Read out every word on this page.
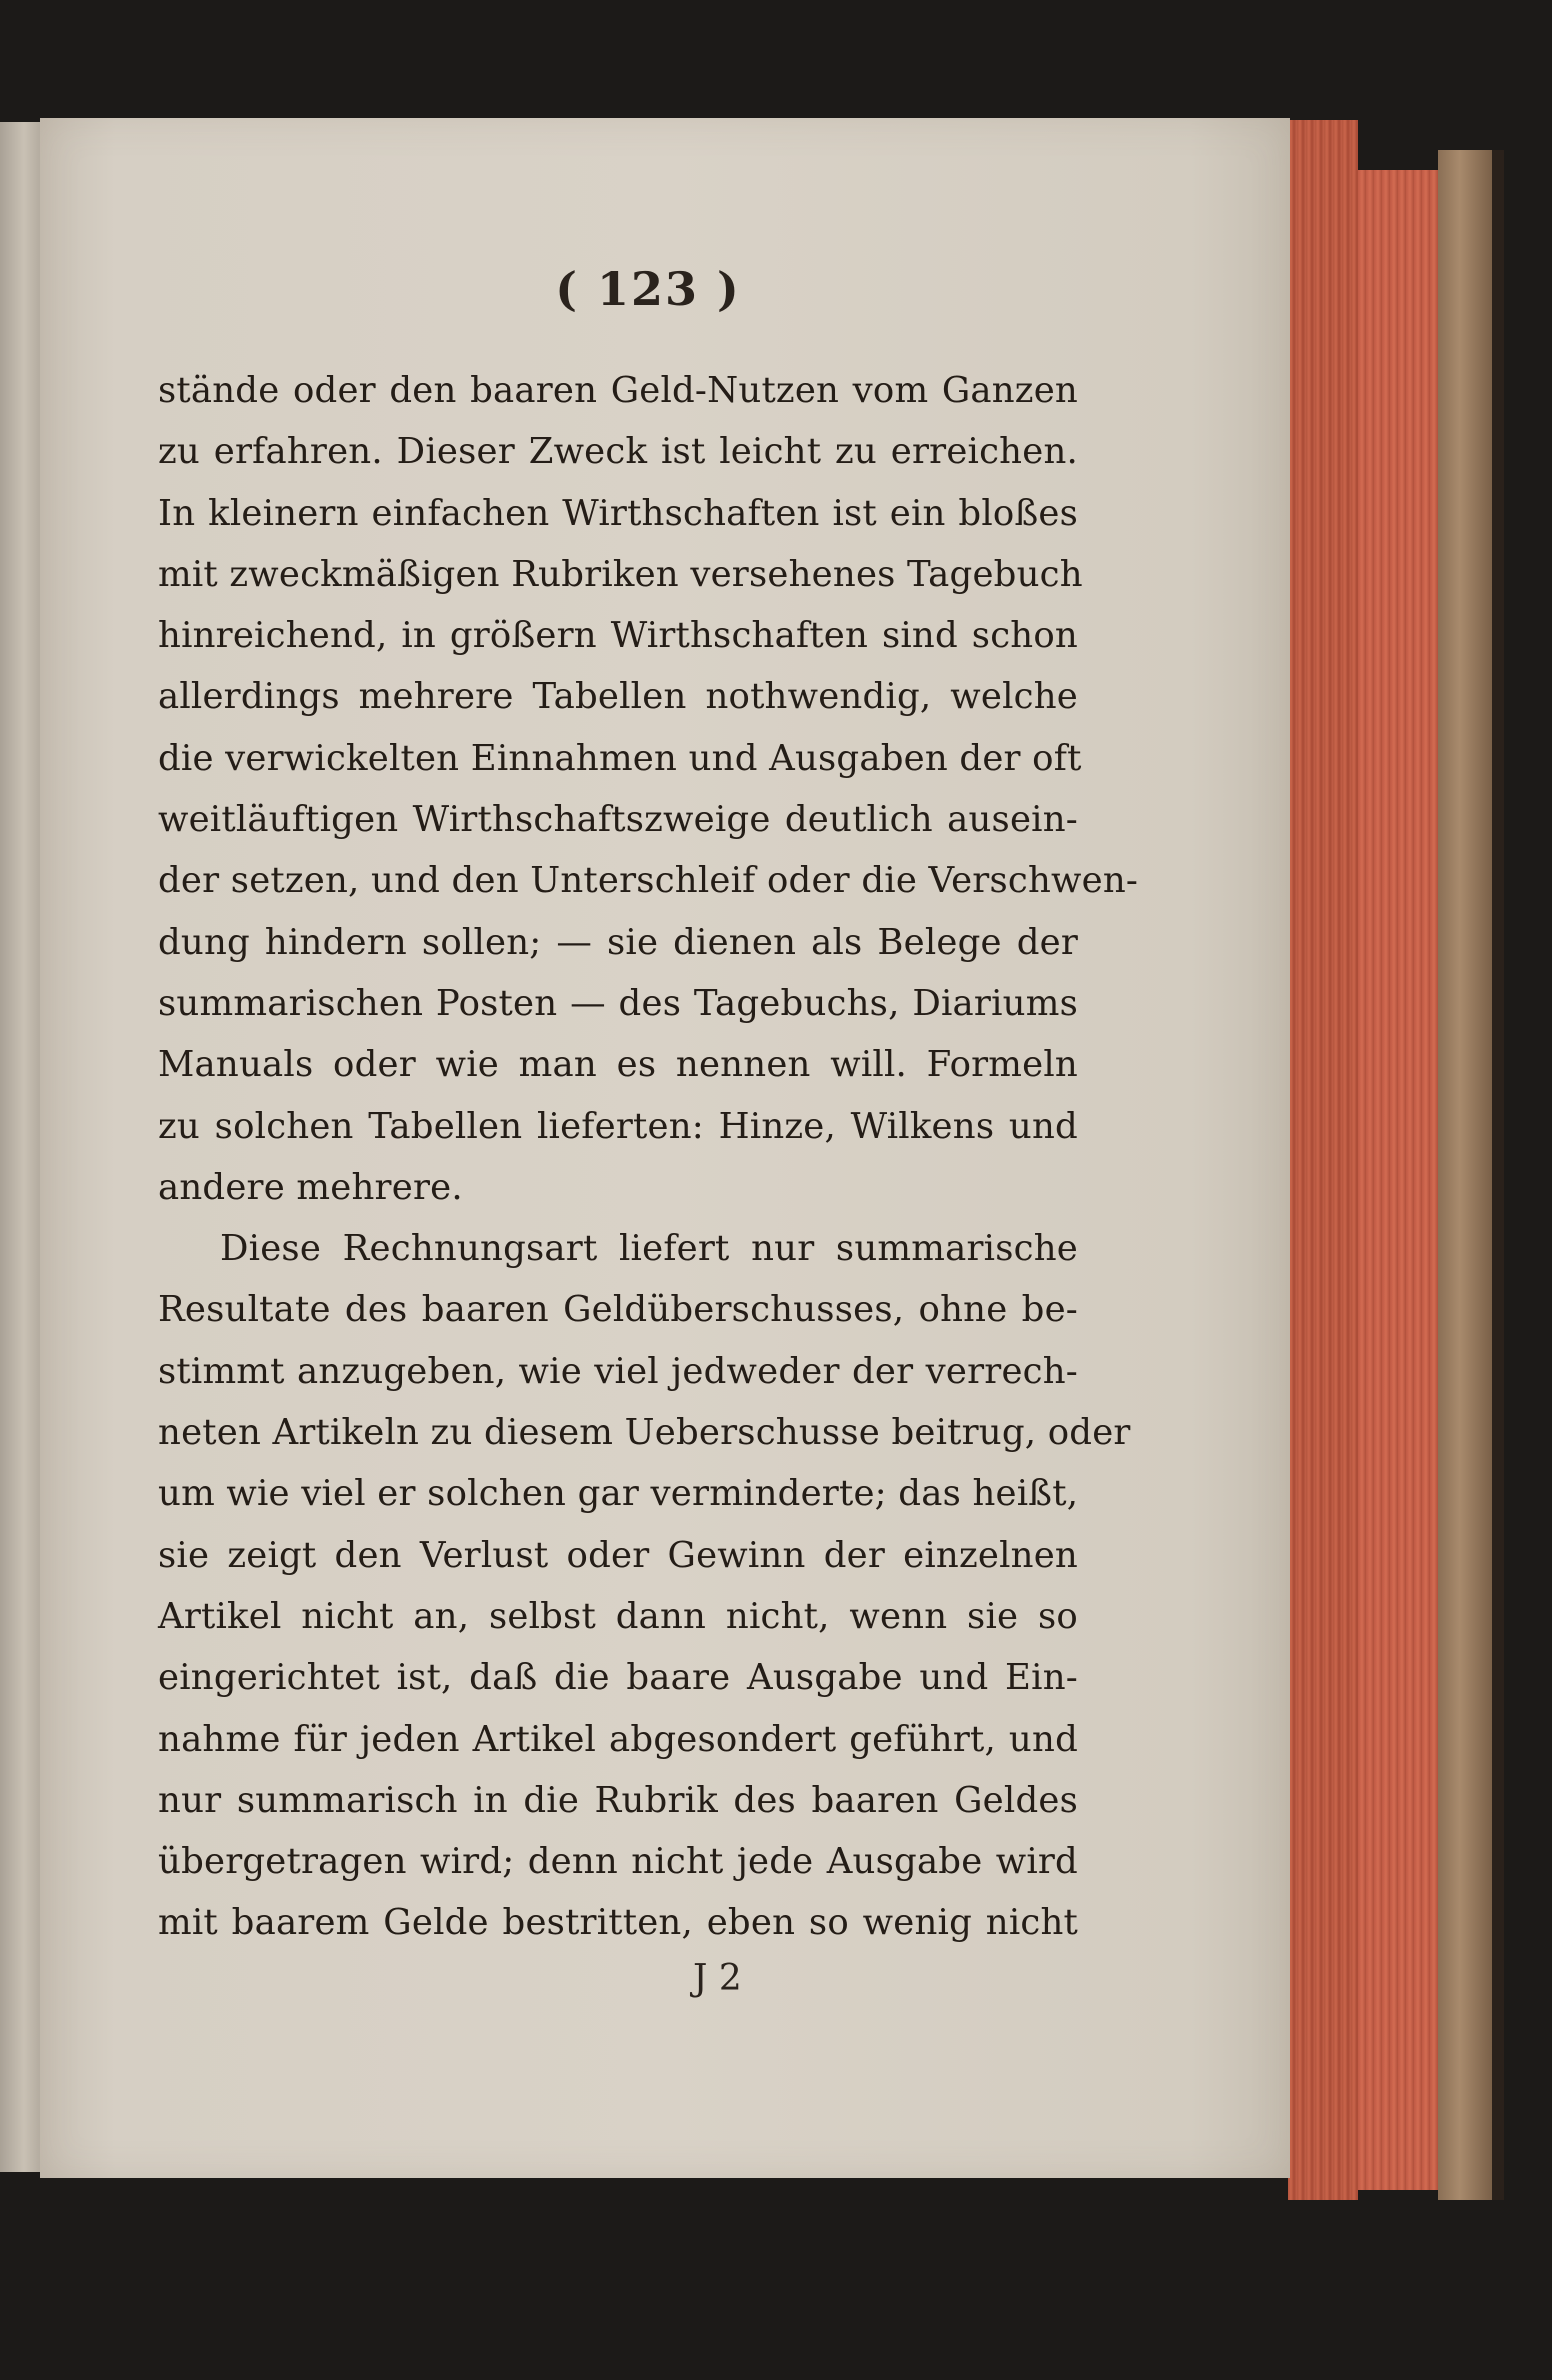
( 123 )
stände oder den baaren Geld-Nutzen vom Ganzen
zu erfahren. Dieser Zweck ist leicht zu erreichen.
In kleinern einfachen Wirthschaften ist ein bloßes
mit zweckmäßigen Rubriken versehenes Tagebuch
hinreichend, in größern Wirthschaften sind schon
allerdings mehrere Tabellen nothwendig, welche
die verwickelten Einnahmen und Ausgaben der oft
weitläuftigen Wirthschaftszweige deutlich ausein-
der setzen, und den Unterschleif oder die Verschwen-
dung hindern sollen; — sie dienen als Belege der
summarischen Posten — des Tagebuchs, Diariums
Manuals oder wie man es nennen will. Formeln
zu solchen Tabellen lieferten: Hinze, Wilkens und
andere mehrere.
Diese Rechnungsart liefert nur summarische
Resultate des baaren Geldüberschusses, ohne be-
stimmt anzugeben, wie viel jedweder der verrech-
neten Artikeln zu diesem Ueberschusse beitrug, oder
um wie viel er solchen gar verminderte; das heißt,
sie zeigt den Verlust oder Gewinn der einzelnen
Artikel nicht an, selbst dann nicht, wenn sie so
eingerichtet ist, daß die baare Ausgabe und Ein-
nahme für jeden Artikel abgesondert geführt, und
nur summarisch in die Rubrik des baaren Geldes
übergetragen wird; denn nicht jede Ausgabe wird
mit baarem Gelde bestritten, eben so wenig nicht
J 2
